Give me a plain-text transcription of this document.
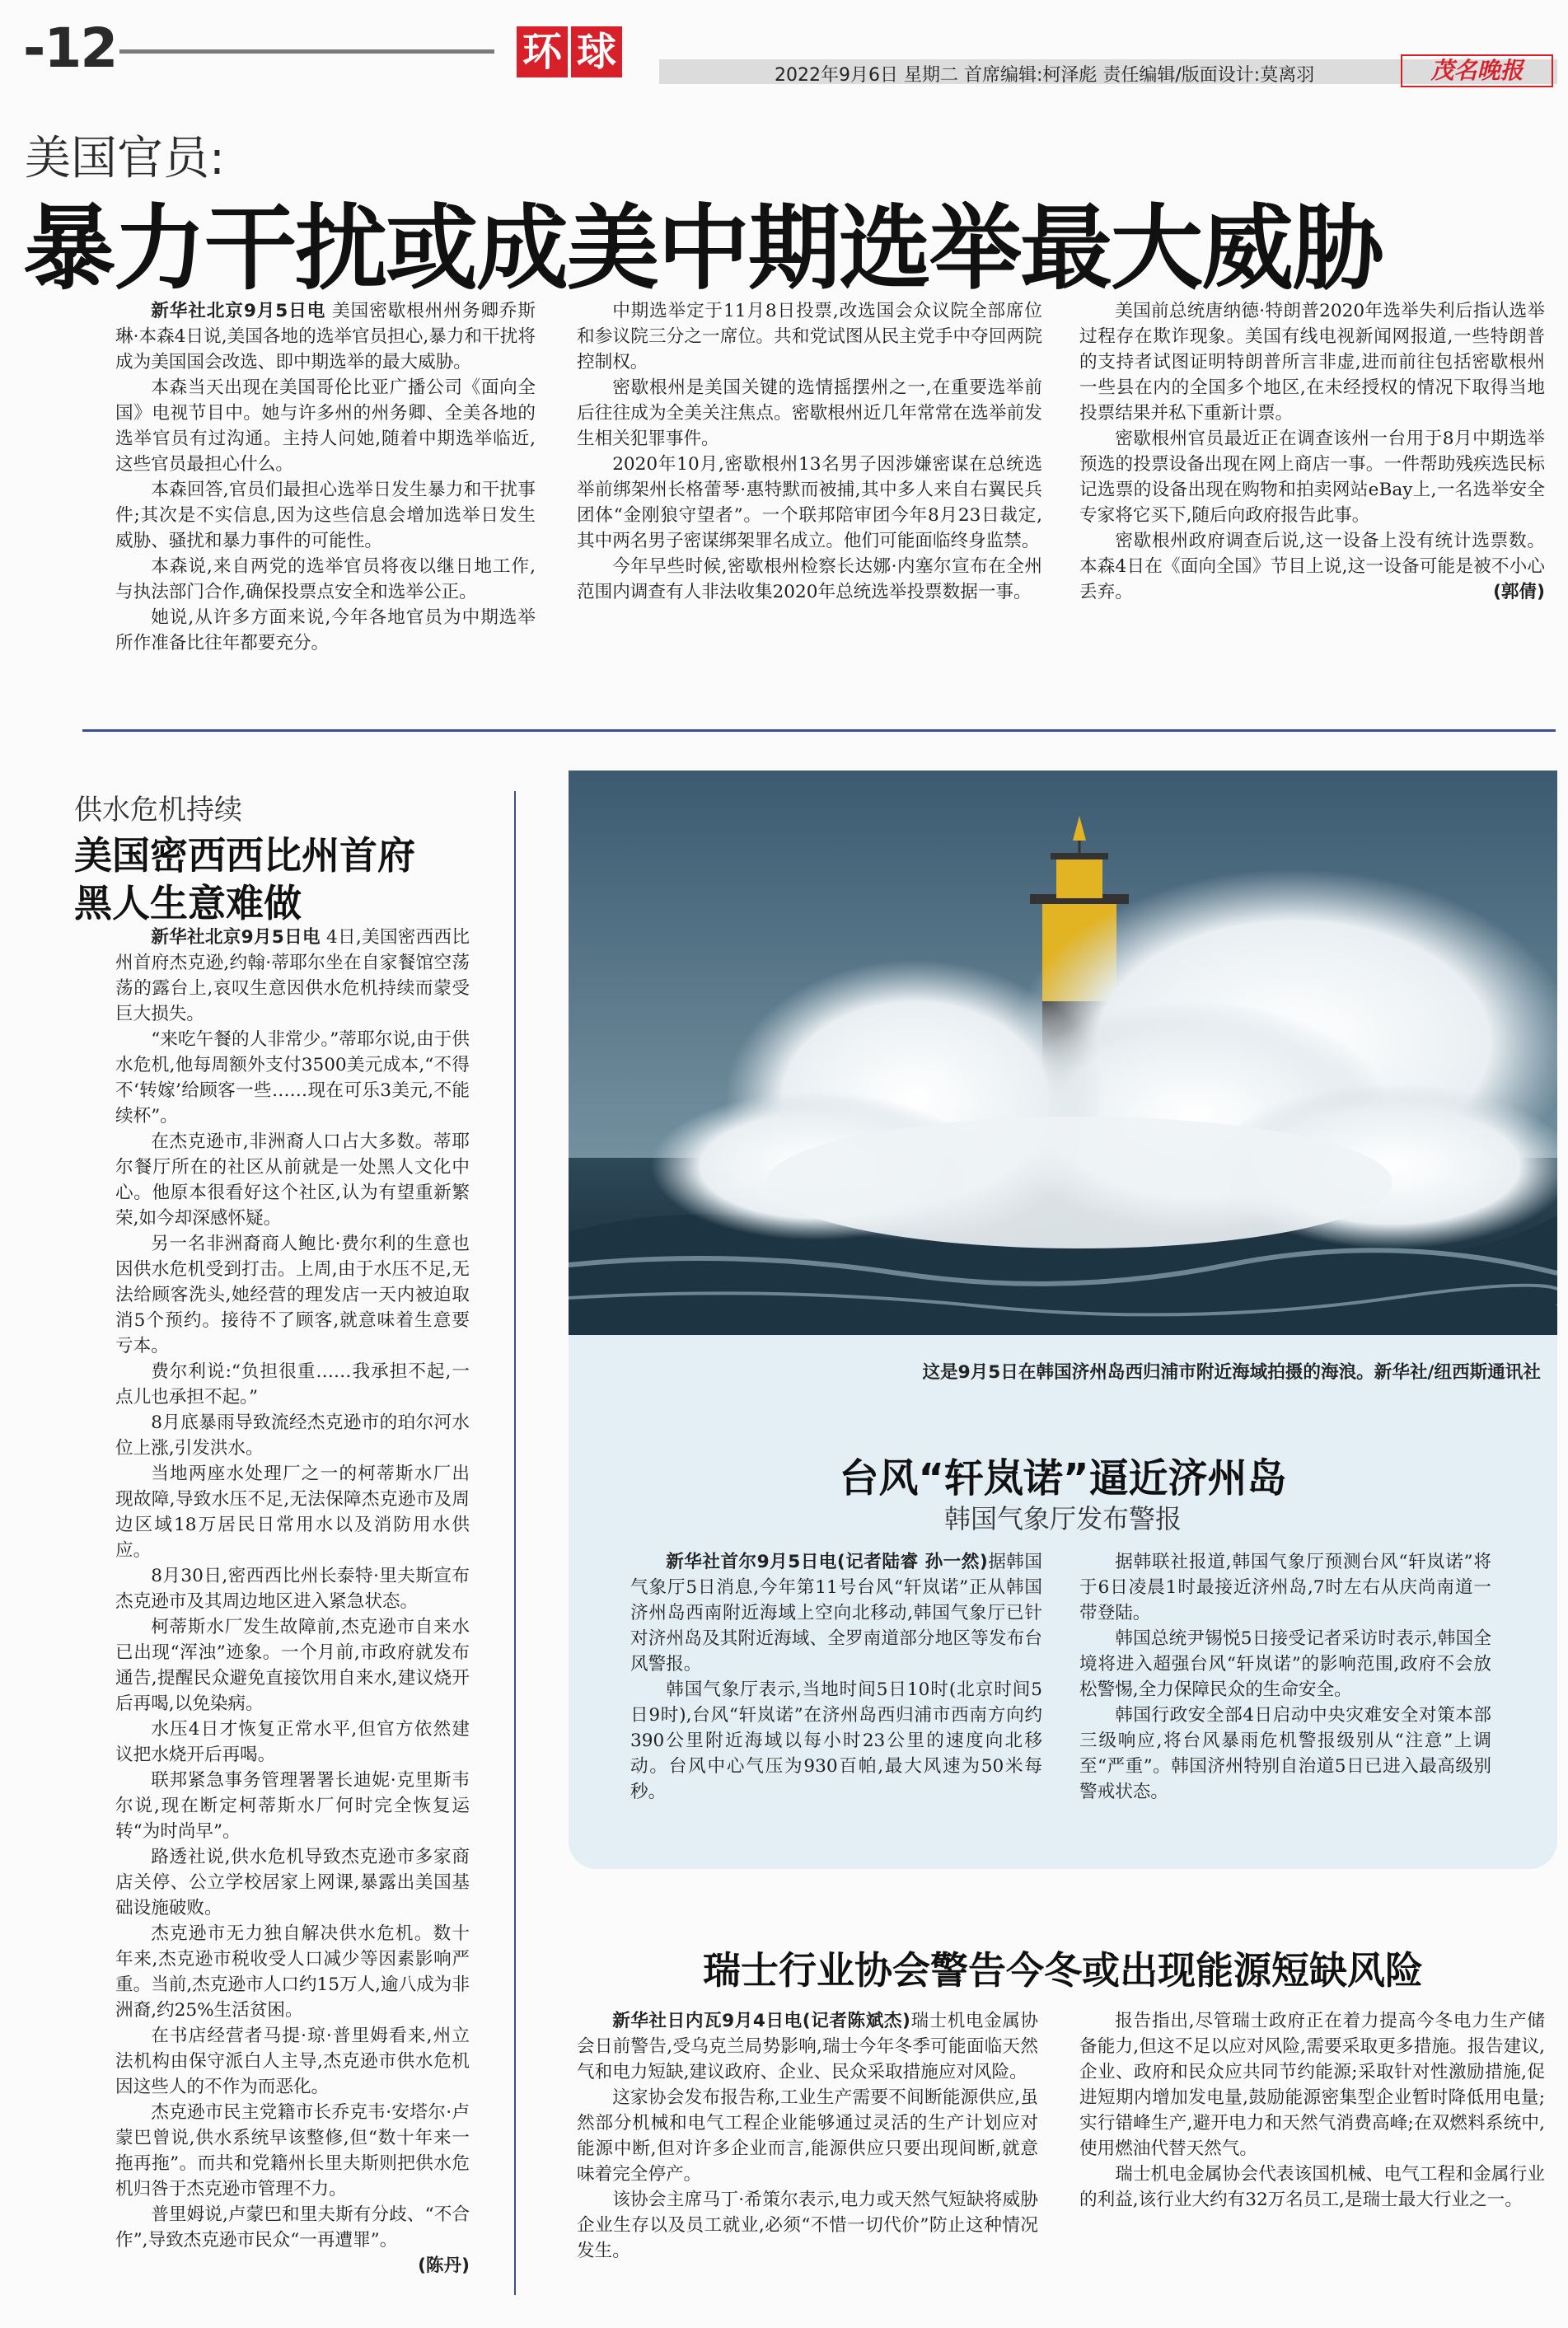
-12	环 球
2022年9月6日 星期二 首席编辑:柯泽彪 责任编辑/版面设计:莫离羽	茂名晚报
美国官员:
暴力干扰或成美中期选举最大威胁

新华社北京9月5日电 美国密歇根州州务卿乔斯琳·本森4日说,美国各地的选举官员担心,暴力和干扰将成为美国国会改选、即中期选举的最大威胁。

本森当天出现在美国哥伦比亚广播公司《面向全国》电视节目中。她与许多州的州务卿、全美各地的选举官员有过沟通。主持人问她,随着中期选举临近,这些官员最担心什么。

本森回答,官员们最担心选举日发生暴力和干扰事件;其次是不实信息,因为这些信息会增加选举日发生威胁、骚扰和暴力事件的可能性。

本森说,来自两党的选举官员将夜以继日地工作,与执法部门合作,确保投票点安全和选举公正。

她说,从许多方面来说,今年各地官员为中期选举所作准备比往年都要充分。

中期选举定于11月8日投票,改选国会众议院全部席位和参议院三分之一席位。共和党试图从民主党手中夺回两院控制权。

密歇根州是美国关键的选情摇摆州之一,在重要选举前后往往成为全美关注焦点。密歇根州近几年常常在选举前发生相关犯罪事件。

2020年10月,密歇根州13名男子因涉嫌密谋在总统选举前绑架州长格蕾琴·惠特默而被捕,其中多人来自右翼民兵团体“金刚狼守望者”。一个联邦陪审团今年8月23日裁定,其中两名男子密谋绑架罪名成立。他们可能面临终身监禁。

今年早些时候,密歇根州检察长达娜·内塞尔宣布在全州范围内调查有人非法收集2020年总统选举投票数据一事。

美国前总统唐纳德·特朗普2020年选举失利后指认选举过程存在欺诈现象。美国有线电视新闻网报道,一些特朗普的支持者试图证明特朗普所言非虚,进而前往包括密歇根州一些县在内的全国多个地区,在未经授权的情况下取得当地投票结果并私下重新计票。

密歇根州官员最近正在调查该州一台用于8月中期选举预选的投票设备出现在网上商店一事。一件帮助残疾选民标记选票的设备出现在购物和拍卖网站eBay上,一名选举安全专家将它买下,随后向政府报告此事。

密歇根州政府调查后说,这一设备上没有统计选票数。本森4日在《面向全国》节目上说,这一设备可能是被不小心丢弃。	(郭倩)

供水危机持续
美国密西西比州首府
黑人生意难做

新华社北京9月5日电 4日,美国密西西比州首府杰克逊,约翰·蒂耶尔坐在自家餐馆空荡荡的露台上,哀叹生意因供水危机持续而蒙受巨大损失。

“来吃午餐的人非常少。”蒂耶尔说,由于供水危机,他每周额外支付3500美元成本,“不得不‘转嫁’给顾客一些……现在可乐3美元,不能续杯”。

在杰克逊市,非洲裔人口占大多数。蒂耶尔餐厅所在的社区从前就是一处黑人文化中心。他原本很看好这个社区,认为有望重新繁荣,如今却深感怀疑。

另一名非洲裔商人鲍比·费尔利的生意也因供水危机受到打击。上周,由于水压不足,无法给顾客洗头,她经营的理发店一天内被迫取消5个预约。接待不了顾客,就意味着生意要亏本。

费尔利说:“负担很重……我承担不起,一点儿也承担不起。”

8月底暴雨导致流经杰克逊市的珀尔河水位上涨,引发洪水。

当地两座水处理厂之一的柯蒂斯水厂出现故障,导致水压不足,无法保障杰克逊市及周边区域18万居民日常用水以及消防用水供应。

8月30日,密西西比州长泰特·里夫斯宣布杰克逊市及其周边地区进入紧急状态。

柯蒂斯水厂发生故障前,杰克逊市自来水已出现“浑浊”迹象。一个月前,市政府就发布通告,提醒民众避免直接饮用自来水,建议烧开后再喝,以免染病。

水压4日才恢复正常水平,但官方依然建议把水烧开后再喝。

联邦紧急事务管理署署长迪妮·克里斯韦尔说,现在断定柯蒂斯水厂何时完全恢复运转“为时尚早”。

路透社说,供水危机导致杰克逊市多家商店关停、公立学校居家上网课,暴露出美国基础设施破败。

杰克逊市无力独自解决供水危机。数十年来,杰克逊市税收受人口减少等因素影响严重。当前,杰克逊市人口约15万人,逾八成为非洲裔,约25%生活贫困。

在书店经营者马提·琼·普里姆看来,州立法机构由保守派白人主导,杰克逊市供水危机因这些人的不作为而恶化。

杰克逊市民主党籍市长乔克韦·安塔尔·卢蒙巴曾说,供水系统早该整修,但“数十年来一拖再拖”。而共和党籍州长里夫斯则把供水危机归咎于杰克逊市管理不力。

普里姆说,卢蒙巴和里夫斯有分歧、“不合作”,导致杰克逊市民众“一再遭罪”。
(陈丹)

这是9月5日在韩国济州岛西归浦市附近海域拍摄的海浪。新华社/纽西斯通讯社
台风“轩岚诺”逼近济州岛
韩国气象厅发布警报

新华社首尔9月5日电(记者陆睿 孙一然)据韩国气象厅5日消息,今年第11号台风“轩岚诺”正从韩国济州岛西南附近海域上空向北移动,韩国气象厅已针对济州岛及其附近海域、全罗南道部分地区等发布台风警报。

韩国气象厅表示,当地时间5日10时(北京时间5日9时),台风“轩岚诺”在济州岛西归浦市西南方向约390公里附近海域以每小时23公里的速度向北移动。台风中心气压为930百帕,最大风速为50米每秒。

据韩联社报道,韩国气象厅预测台风“轩岚诺”将于6日凌晨1时最接近济州岛,7时左右从庆尚南道一带登陆。

韩国总统尹锡悦5日接受记者采访时表示,韩国全境将进入超强台风“轩岚诺”的影响范围,政府不会放松警惕,全力保障民众的生命安全。

韩国行政安全部4日启动中央灾难安全对策本部三级响应,将台风暴雨危机警报级别从“注意”上调至“严重”。韩国济州特别自治道5日已进入最高级别警戒状态。

瑞士行业协会警告今冬或出现能源短缺风险

新华社日内瓦9月4日电(记者陈斌杰)瑞士机电金属协会日前警告,受乌克兰局势影响,瑞士今年冬季可能面临天然气和电力短缺,建议政府、企业、民众采取措施应对风险。

这家协会发布报告称,工业生产需要不间断能源供应,虽然部分机械和电气工程企业能够通过灵活的生产计划应对能源中断,但对许多企业而言,能源供应只要出现间断,就意味着完全停产。

该协会主席马丁·希策尔表示,电力或天然气短缺将威胁企业生存以及员工就业,必须“不惜一切代价”防止这种情况发生。

报告指出,尽管瑞士政府正在着力提高今冬电力生产储备能力,但这不足以应对风险,需要采取更多措施。报告建议,企业、政府和民众应共同节约能源;采取针对性激励措施,促进短期内增加发电量,鼓励能源密集型企业暂时降低用电量;实行错峰生产,避开电力和天然气消费高峰;在双燃料系统中,使用燃油代替天然气。

瑞士机电金属协会代表该国机械、电气工程和金属行业的利益,该行业大约有32万名员工,是瑞士最大行业之一。
